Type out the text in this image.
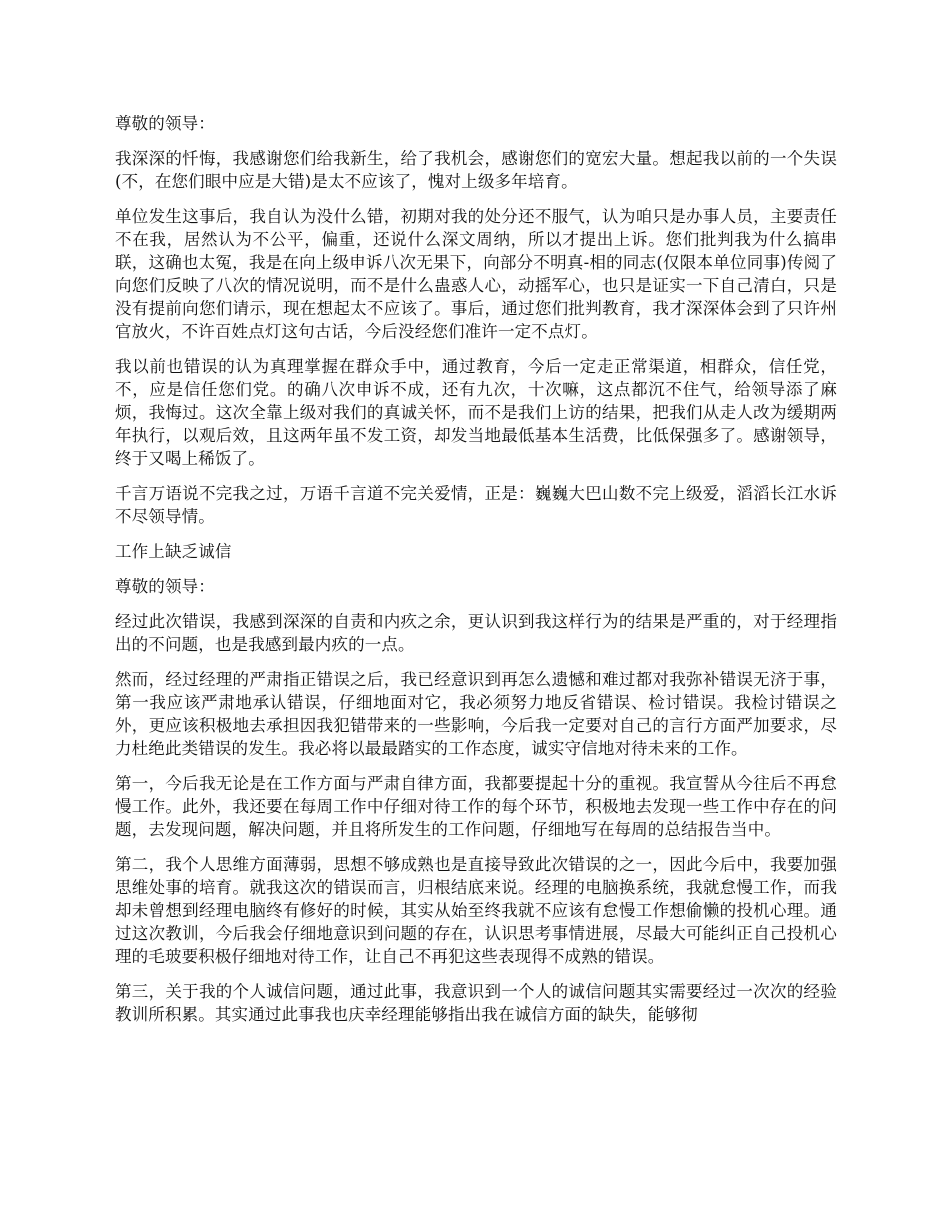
尊敬的领导：

我深深的忏悔，我感谢您们给我新生，给了我机会，感谢您们的宽宏大量。想起我以前的一个失误(不，在您们眼中应是大错)是太不应该了，愧对上级多年培育。

单位发生这事后，我自认为没什么错，初期对我的处分还不服气，认为咱只是办事人员，主要责任不在我，居然认为不公平，偏重，还说什么深文周纳，所以才提出上诉。您们批判我为什么搞串联，这确也太冤，我是在向上级申诉八次无果下，向部分不明真-相的同志(仅限本单位同事)传阅了向您们反映了八次的情况说明，而不是什么蛊惑人心，动摇军心，也只是证实一下自己清白，只是没有提前向您们请示，现在想起太不应该了。事后，通过您们批判教育，我才深深体会到了只许州官放火，不许百姓点灯这句古话，今后没经您们准许一定不点灯。

我以前也错误的认为真理掌握在群众手中，通过教育，今后一定走正常渠道，相群众，信任党，不，应是信任您们党。的确八次申诉不成，还有九次，十次嘛，这点都沉不住气，给领导添了麻烦，我悔过。这次全靠上级对我们的真诚关怀，而不是我们上访的结果，把我们从走人改为缓期两年执行，以观后效，且这两年虽不发工资，却发当地最低基本生活费，比低保强多了。感谢领导，终于又喝上稀饭了。

千言万语说不完我之过，万语千言道不完关爱情，正是：巍巍大巴山数不完上级爱，滔滔长江水诉不尽领导情。

工作上缺乏诚信

尊敬的领导：

经过此次错误，我感到深深的自责和内疚之余，更认识到我这样行为的结果是严重的，对于经理指出的不问题，也是我感到最内疚的一点。

然而，经过经理的严肃指正错误之后，我已经意识到再怎么遗憾和难过都对我弥补错误无济于事，第一我应该严肃地承认错误，仔细地面对它，我必须努力地反省错误、检讨错误。我检讨错误之外，更应该积极地去承担因我犯错带来的一些影响，今后我一定要对自己的言行方面严加要求，尽力杜绝此类错误的发生。我必将以最最踏实的工作态度，诚实守信地对待未来的工作。

第一，今后我无论是在工作方面与严肃自律方面，我都要提起十分的重视。我宣誓从今往后不再怠慢工作。此外，我还要在每周工作中仔细对待工作的每个环节，积极地去发现一些工作中存在的问题，去发现问题，解决问题，并且将所发生的工作问题，仔细地写在每周的总结报告当中。

第二，我个人思维方面薄弱，思想不够成熟也是直接导致此次错误的之一，因此今后中，我要加强思维处事的培育。就我这次的错误而言，归根结底来说。经理的电脑换系统，我就怠慢工作，而我却未曾想到经理电脑终有修好的时候，其实从始至终我就不应该有怠慢工作想偷懒的投机心理。通过这次教训，今后我会仔细地意识到问题的存在，认识思考事情进展，尽最大可能纠正自己投机心理的毛玻要积极仔细地对待工作，让自己不再犯这些表现得不成熟的错误。

第三，关于我的个人诚信问题，通过此事，我意识到一个人的诚信问题其实需要经过一次次的经验教训所积累。其实通过此事我也庆幸经理能够指出我在诚信方面的缺失，能够彻
